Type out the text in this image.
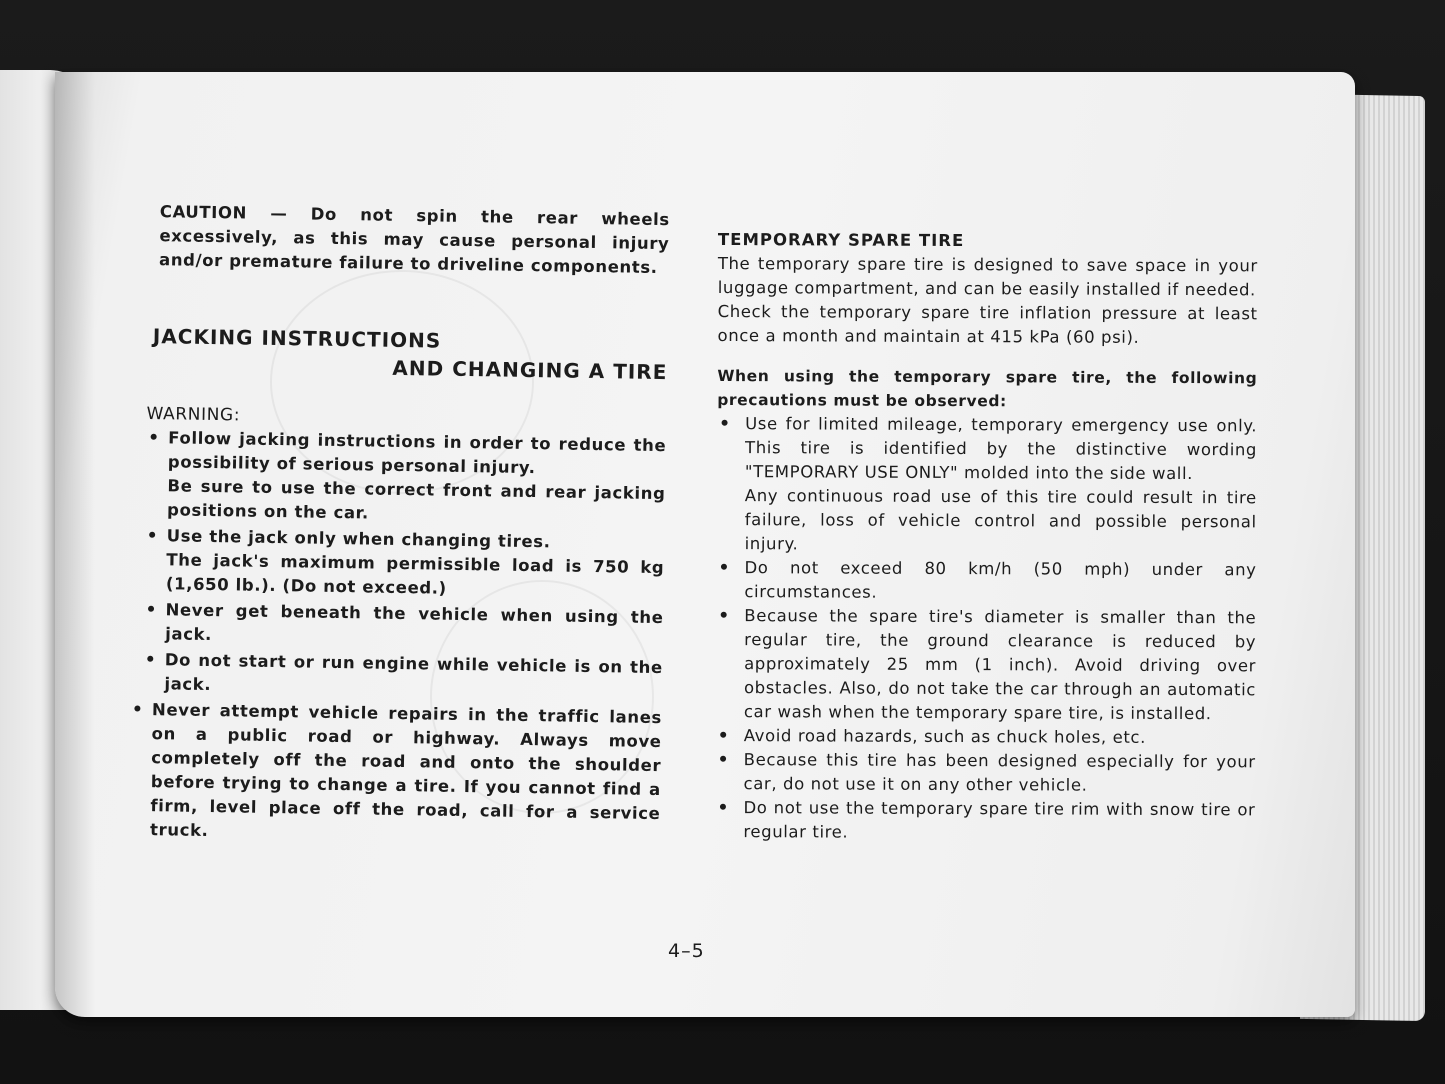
CAUTION — Do not spin the rear wheels excessively, as this may cause personal injury and/or premature failure to driveline components.

JACKING INSTRUCTIONS
AND CHANGING A TIRE
WARNING:
• Follow jacking instructions in order to reduce the possibility of serious personal injury.
Be sure to use the correct front and rear jacking positions on the car.
• Use the jack only when changing tires.
The jack's maximum permissible load is 750 kg (1,650 lb.). (Do not exceed.)
• Never get beneath the vehicle when using the jack.
• Do not start or run engine while vehicle is on the jack.
• Never attempt vehicle repairs in the traffic lanes on a public road or highway. Always move completely off the road and onto the shoulder before trying to change a tire. If you cannot find a firm, level place off the road, call for a service truck.
TEMPORARY SPARE TIRE

The temporary spare tire is designed to save space in your luggage compartment, and can be easily installed if needed.

Check the temporary spare tire inflation pressure at least once a month and maintain at 415 kPa (60 psi).

When using the temporary spare tire, the following precautions must be observed:

• Use for limited mileage, temporary emergency use only. This tire is identified by the distinctive wording "TEMPORARY USE ONLY" molded into the side wall.
Any continuous road use of this tire could result in tire failure, loss of vehicle control and possible personal injury.
• Do not exceed 80 km/h (50 mph) under any circumstances.
• Because the spare tire's diameter is smaller than the regular tire, the ground clearance is reduced by approximately 25 mm (1 inch). Avoid driving over obstacles. Also, do not take the car through an automatic car wash when the temporary spare tire, is installed.
• Avoid road hazards, such as chuck holes, etc.
• Because this tire has been designed especially for your car, do not use it on any other vehicle.
• Do not use the temporary spare tire rim with snow tire or regular tire.
4–5
